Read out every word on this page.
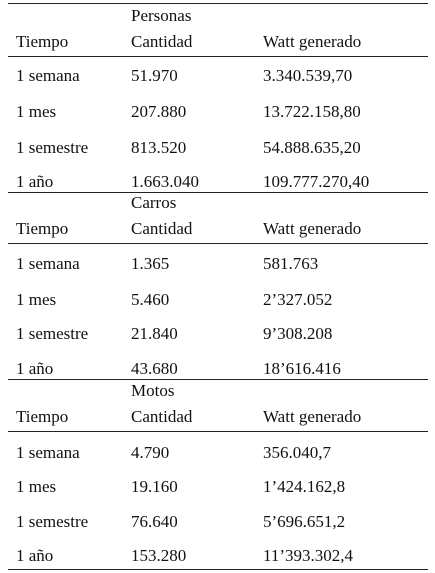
Personas
Tiempo	Cantidad	Watt generado
1 semana	51.970	3.340.539,70
1 mes	207.880	13.722.158,80
1 semestre	813.520	54.888.635,20
1 año	1.663.040	109.777.270,40
Carros
Tiempo	Cantidad	Watt generado
1 semana	1.365	581.763
1 mes	5.460	2’327.052
1 semestre	21.840	9’308.208
1 año	43.680	18’616.416
Motos
Tiempo	Cantidad	Watt generado
1 semana	4.790	356.040,7
1 mes	19.160	1’424.162,8
1 semestre	76.640	5’696.651,2
1 año	153.280	11’393.302,4
